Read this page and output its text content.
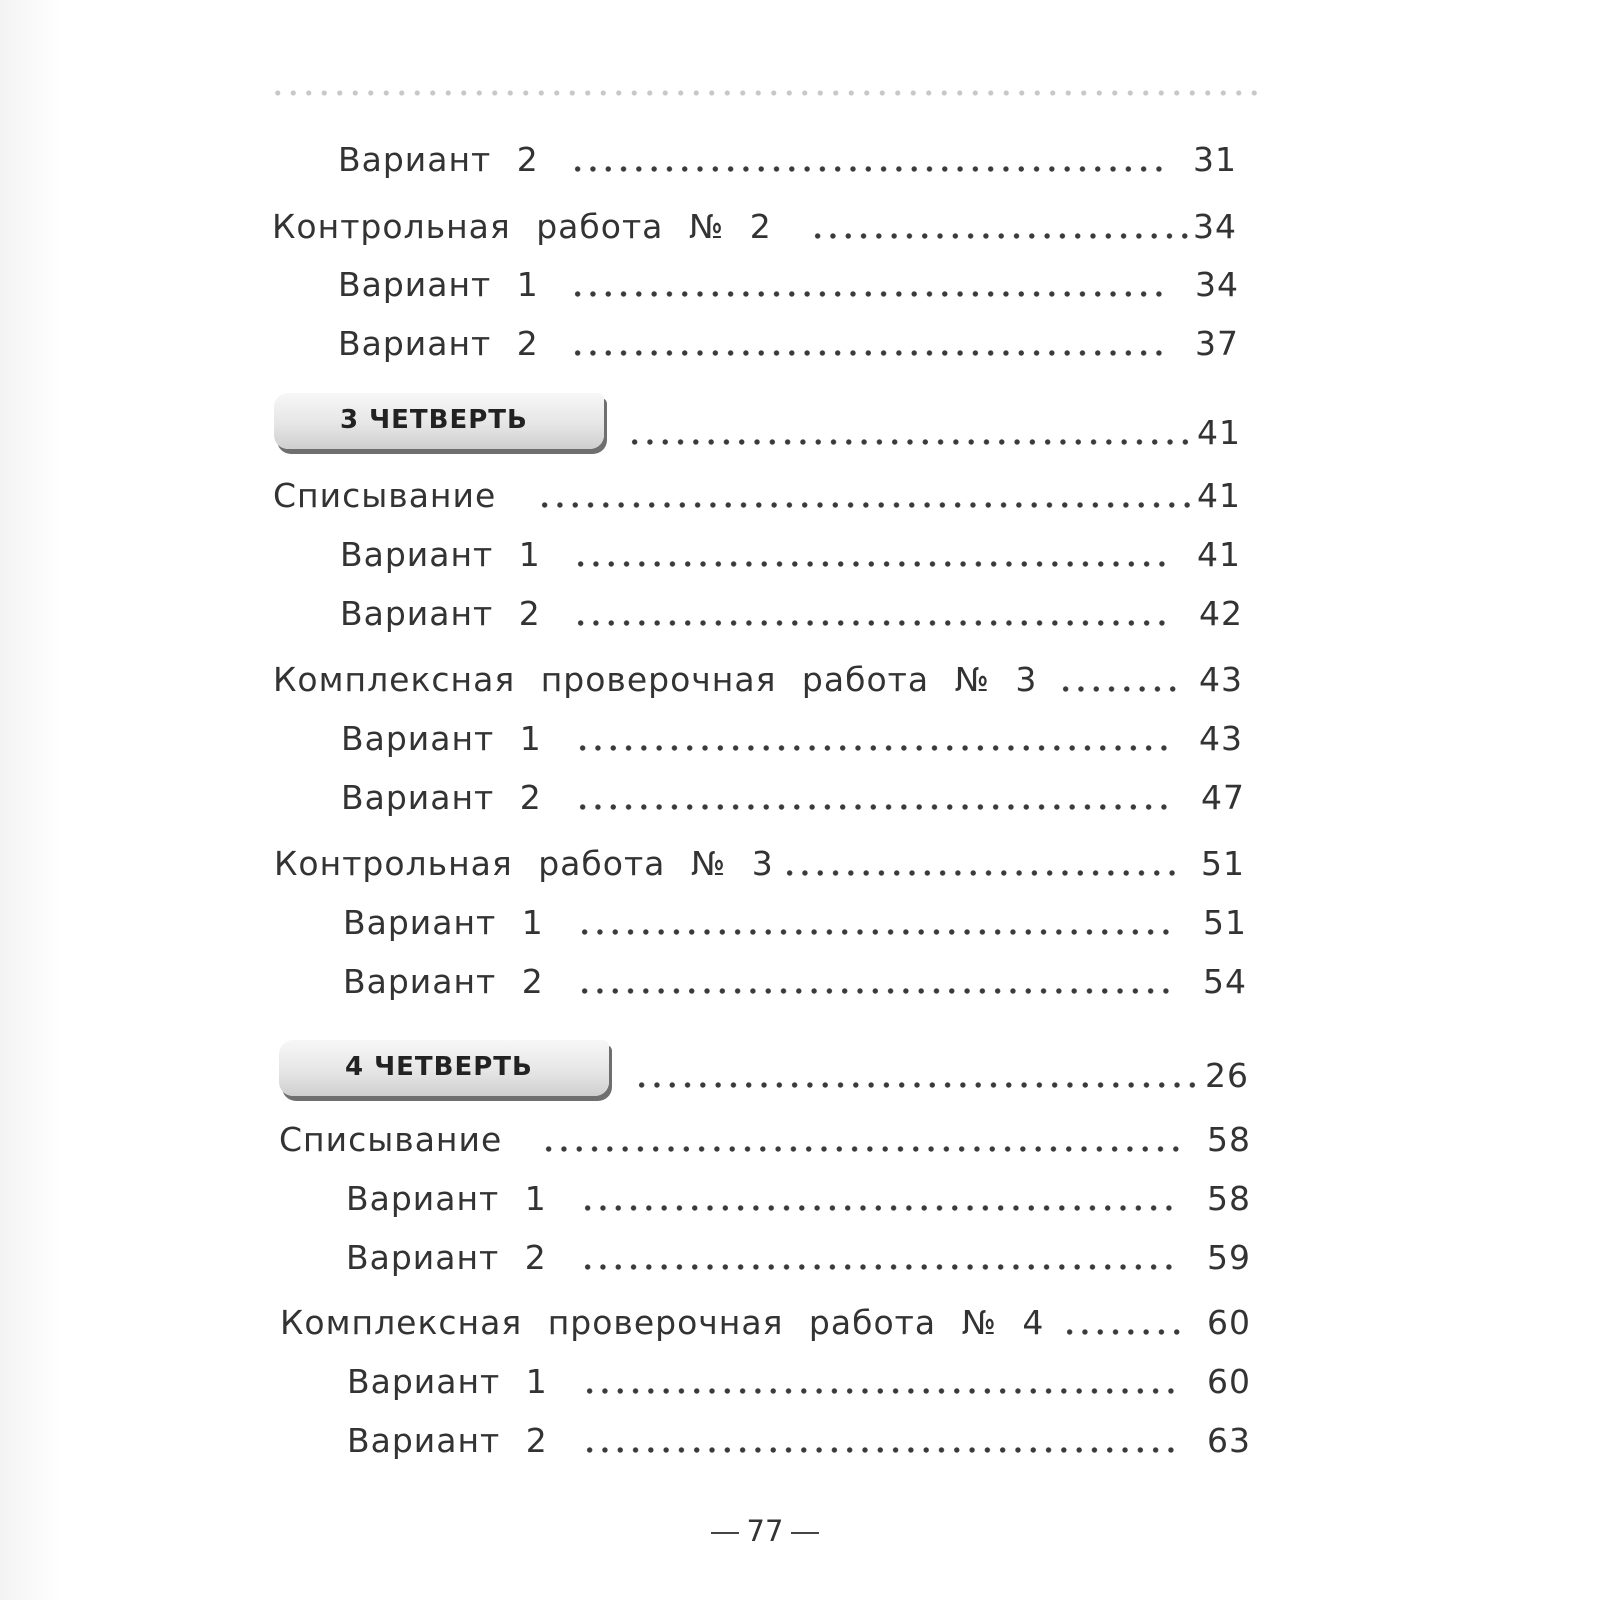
Вариант 2	31
Контрольная работа № 2	34
Вариант 1	34
Вариант 2	37
3 ЧЕТВЕРТЬ	41
Списывание	41
Вариант 1	41
Вариант 2	42
Комплексная проверочная работа № 3	43
Вариант 1	43
Вариант 2	47
Контрольная работа № 3	51
Вариант 1	51
Вариант 2	54
4 ЧЕТВЕРТЬ	26
Списывание	58
Вариант 1	58
Вариант 2	59
Комплексная проверочная работа № 4	60
Вариант 1	60
Вариант 2	63
77
